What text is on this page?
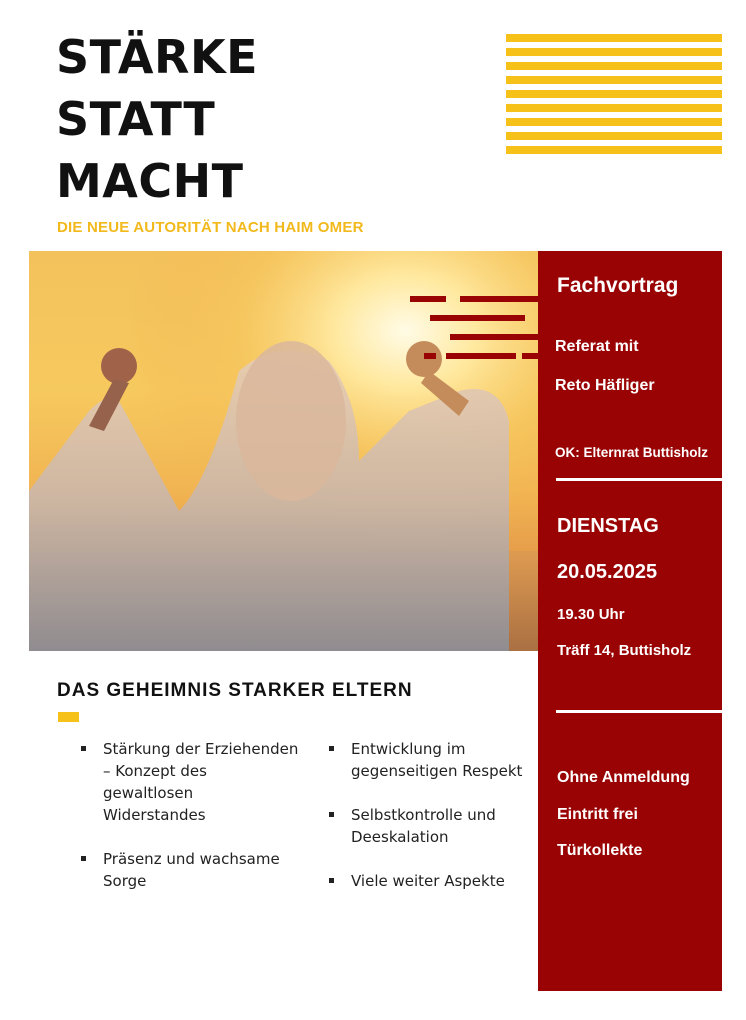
STÄRKE
STATT
MACHT
DIE NEUE AUTORITÄT NACH HAIM OMER
Fachvortrag
Referat mit
Reto Häfliger
OK: Elternrat Buttisholz
DIENSTAG
20.05.2025
19.30 Uhr
Träff 14, Buttisholz
Ohne Anmeldung
Eintritt frei
Türkollekte
DAS GEHEIMNIS STARKER ELTERN
Stärkung der Erziehenden – Konzept des gewaltlosen Widerstandes
Präsenz und wachsame Sorge
Entwicklung im gegenseitigen Respekt
Selbstkontrolle und Deeskalation
Viele weiter Aspekte
